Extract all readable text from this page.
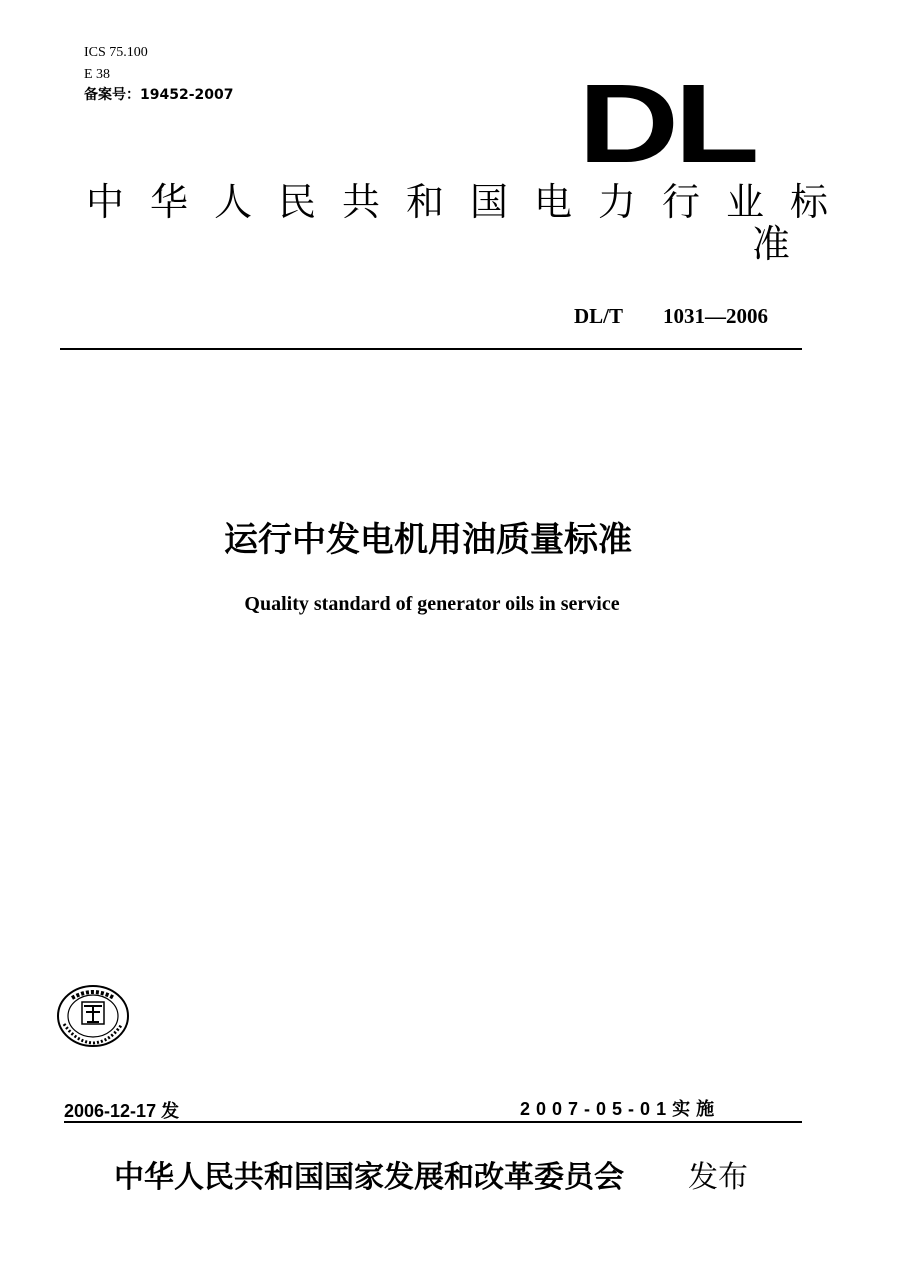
ICS 75.100
E 38
备案号：19452-2007	DL
中华人民共和国电力行业标
准
DL/T 1031—2006
运行中发电机用油质量标准
Quality standard of generator oils in service
2006-12-17 发	2007-05-01实施
中华人民共和国国家发展和改革委员会 发布
